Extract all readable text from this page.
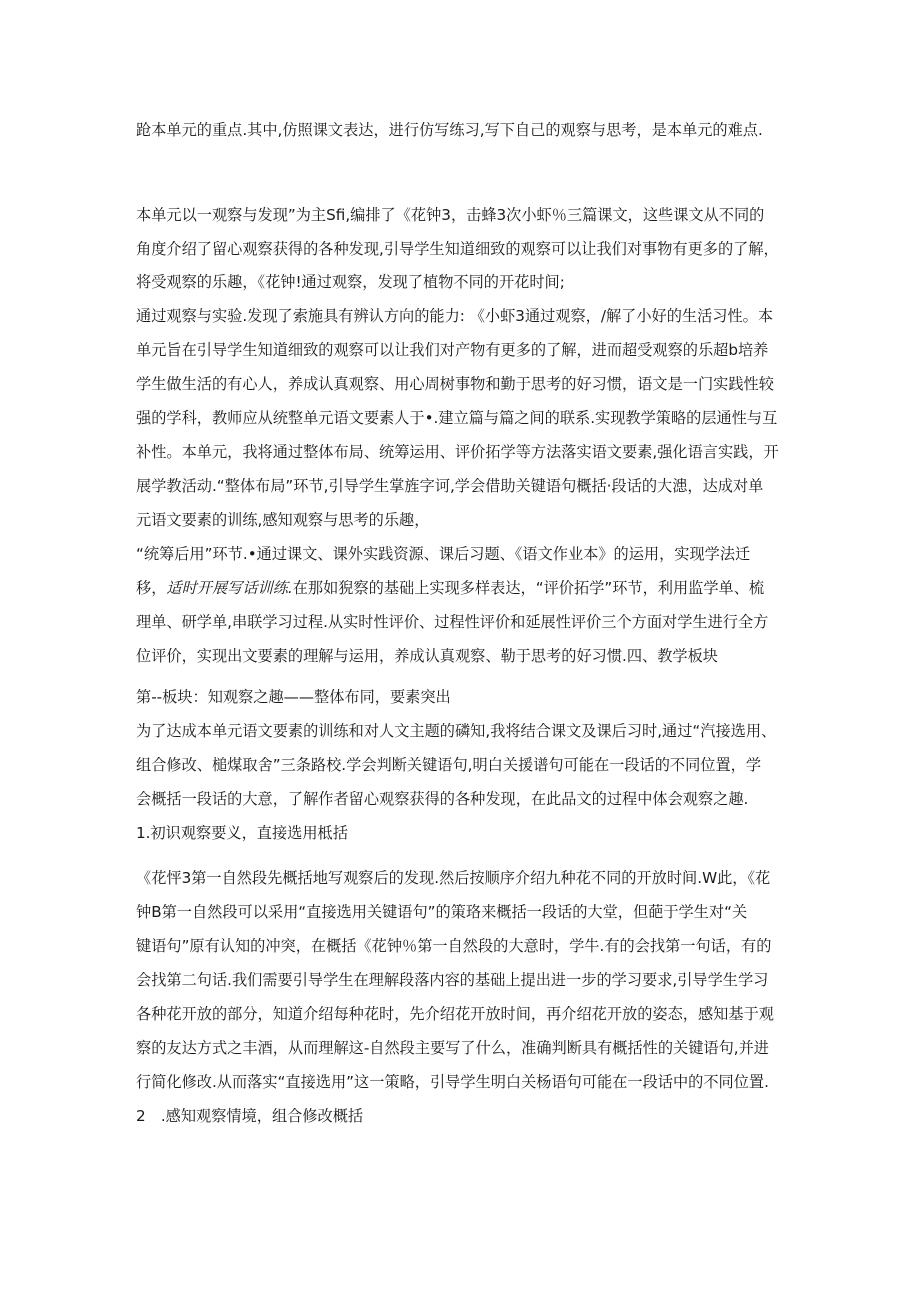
跄本单元的重点.其中,仿照课文表达，进行仿写练习,写下自己的观察与思考，是本单元的难点.

本单元以一观察与发现”为主Sfi,编排了《花钟3，击蜂3次小虾％三篇课文，这些课文从不同的

角度介绍了留心观察获得的各种发现,引导学生知道细致的观察可以让我们对事物有更多的了解，

将受观察的乐趣，《花钟!通过观察，发现了植物不同的开花时间;

通过观察与实验.发现了索施具有辨认方向的能力: 《小虾3通过观察，/解了小好的生活习性。本

单元旨在引导学生知道细致的观察可以让我们对产物有更多的了解，进而超受观察的乐超b培养

学生做生活的有心人，养成认真观察、用心周树事物和勤于思考的好习惯，语文是一门实践性较

强的学科，教师应从统整单元语文要素人于•.建立篇与篇之间的联系.实现教学策略的层通性与互

补性。本单元，我将通过整体布局、统筹运用、评价拓学等方法落实语文要素,强化语言实践，开

展学教活动.“整体布局”环节,引导学生掌旌字诃,学会借助关键语句概括·段话的大漶，达成对单

元语文要素的训练,感知观察与思考的乐趣，

“统筹后用”环节.•通过课文、课外实践资源、课后习题、《语文作业本》的运用，实现学法迁

移，适时开展写话训练.在那如猊察的基础上实现多样表达，“评价拓学”环节，利用监学单、梳

理单、研学单,串联学习过程.从实时性评价、过程性评价和延展性评价三个方面对学生进行全方

位评价，实现出文要素的理解与运用，养成认真观察、勒于思考的好习惯.四、教学板块

第--板块：知观察之趣——整体布同，要素突出

为了达成本单元语文要素的训练和对人文主题的磷知,我将结合课文及课后习时,通过“汽接选用、

组合修改、槌煤取舍”三条路校.学会判断关键语句,明白关援谱句可能在一段话的不同位置，学

会概括一段话的大意，了解作者留心观察获得的各种发现，在此品文的过程中体会观察之趣.

1.初识观察要义，直接选用柢括

《花怦3第一自然段先概括地写观察后的发现.然后按顺序介绍九种花不同的开放时间.W此，《花

钟B第一自然段可以采用“直接选用关键语句”的策珞来概括一段话的大堂，但葩于学生对“关

键语句”原有认知的冲突，在概括《花钟％第一自然段的大意时，学牛.有的会找第一句话，有的

会找第二句话.我们需要引导学生在理解段落内容的基础上提出进一步的学习要求,引导学生学习

各种花开放的部分，知道介绍每种花时，先介绍花开放时间，再介绍花开放的姿态，感知基于观

察的友达方式之丰酒，从而理解这-自然段主要写了什么，准确判断具有概括性的关键语句,并进

行简化修改.从而落实“直接选用”这一策略，引导学生明白关杨语句可能在一段话中的不同位置.

2　.感知观察情境，组合修改概括
